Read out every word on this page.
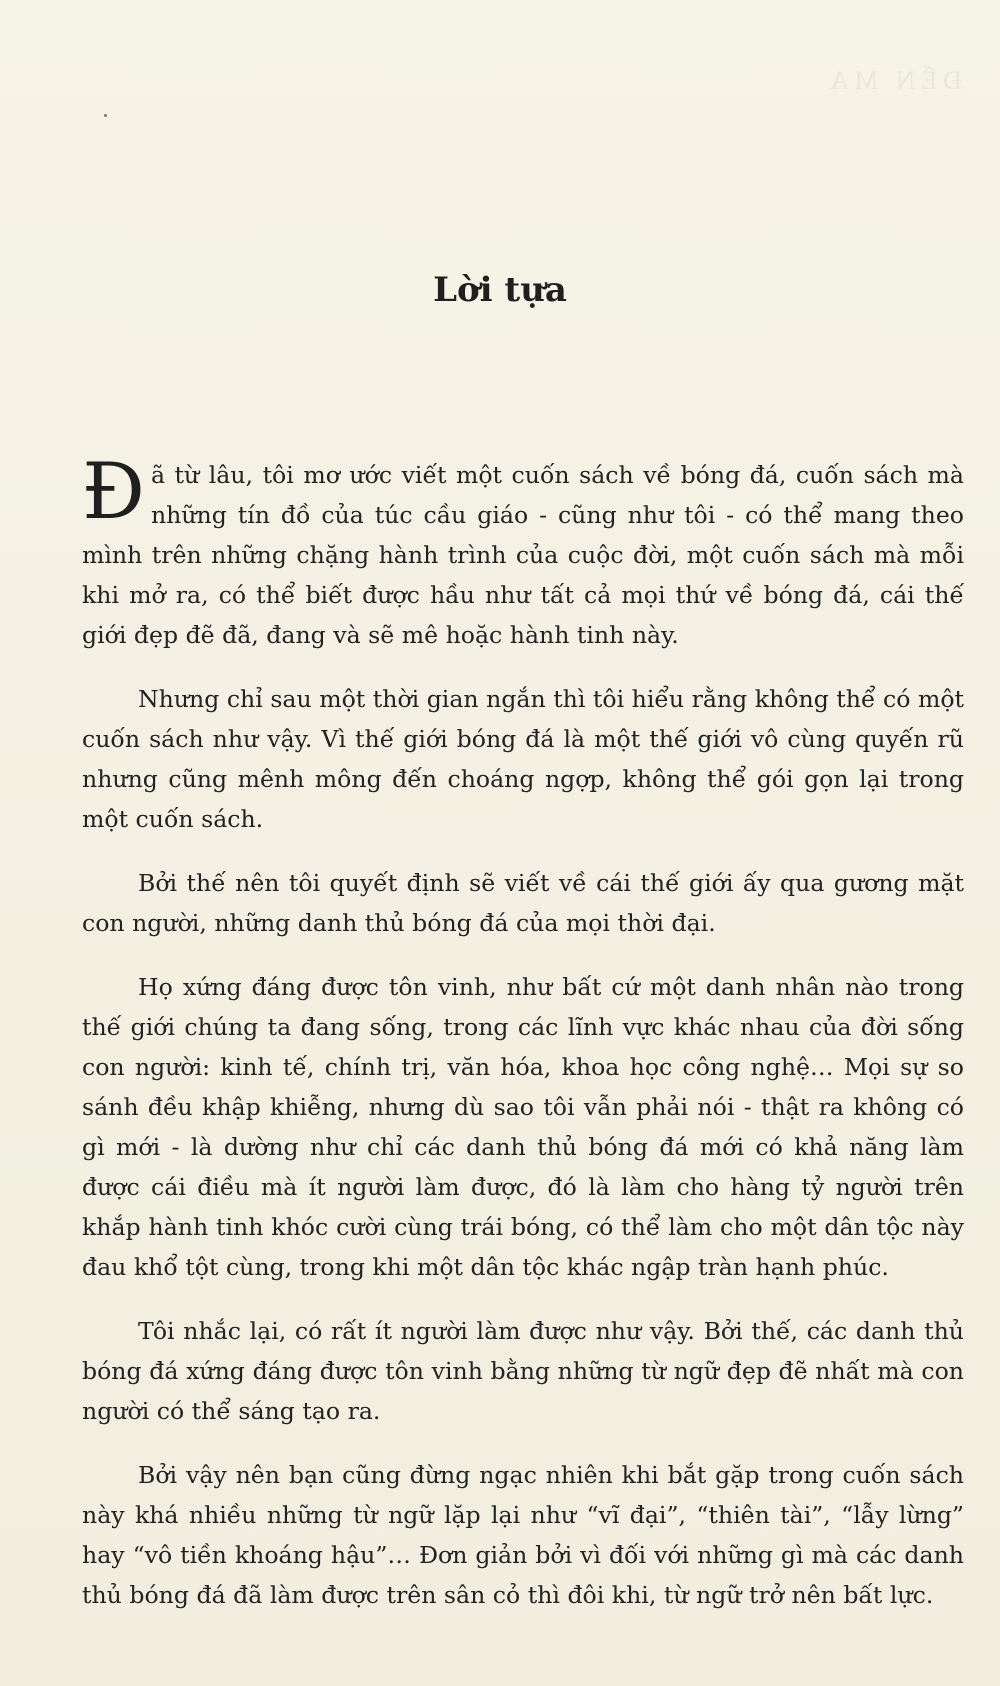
ĐẾN MA
Lời tựa

Đã từ lâu, tôi mơ ước viết một cuốn sách về bóng đá, cuốn sách mà những tín đồ của túc cầu giáo - cũng như tôi - có thể mang theo mình trên những chặng hành trình của cuộc đời, một cuốn sách mà mỗi khi mở ra, có thể biết được hầu như tất cả mọi thứ về bóng đá, cái thế giới đẹp đẽ đã, đang và sẽ mê hoặc hành tinh này.

Nhưng chỉ sau một thời gian ngắn thì tôi hiểu rằng không thể có một cuốn sách như vậy. Vì thế giới bóng đá là một thế giới vô cùng quyến rũ nhưng cũng mênh mông đến choáng ngợp, không thể gói gọn lại trong một cuốn sách.

Bởi thế nên tôi quyết định sẽ viết về cái thế giới ấy qua gương mặt con người, những danh thủ bóng đá của mọi thời đại.

Họ xứng đáng được tôn vinh, như bất cứ một danh nhân nào trong thế giới chúng ta đang sống, trong các lĩnh vực khác nhau của đời sống con người: kinh tế, chính trị, văn hóa, khoa học công nghệ… Mọi sự so sánh đều khập khiễng, nhưng dù sao tôi vẫn phải nói - thật ra không có gì mới - là dường như chỉ các danh thủ bóng đá mới có khả năng làm được cái điều mà ít người làm được, đó là làm cho hàng tỷ người trên khắp hành tinh khóc cười cùng trái bóng, có thể làm cho một dân tộc này đau khổ tột cùng, trong khi một dân tộc khác ngập tràn hạnh phúc.

Tôi nhắc lại, có rất ít người làm được như vậy. Bởi thế, các danh thủ bóng đá xứng đáng được tôn vinh bằng những từ ngữ đẹp đẽ nhất mà con người có thể sáng tạo ra.

Bởi vậy nên bạn cũng đừng ngạc nhiên khi bắt gặp trong cuốn sách này khá nhiều những từ ngữ lặp lại như “vĩ đại”, “thiên tài”, “lẫy lừng” hay “vô tiền khoáng hậu”… Đơn giản bởi vì đối với những gì mà các danh thủ bóng đá đã làm được trên sân cỏ thì đôi khi, từ ngữ trở nên bất lực.
